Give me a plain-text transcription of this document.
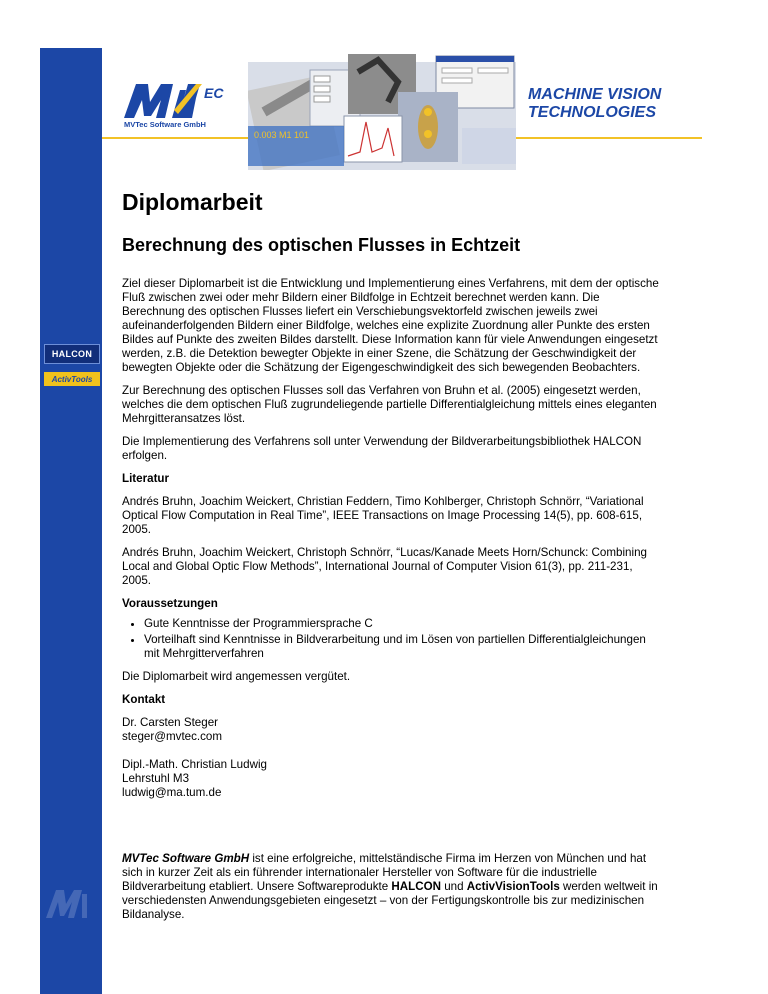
HALCON
ActivTools
EC
MVTec Software GmbH
0.003 M1 101
MACHINE VISION
TECHNOLOGIES
Diplomarbeit
Berechnung des optischen Flusses in Echtzeit

Ziel dieser Diplomarbeit ist die Entwicklung und Implementierung eines Verfahrens, mit dem der optische Fluß zwischen zwei oder mehr Bildern einer Bildfolge in Echtzeit berechnet werden kann. Die Berechnung des optischen Flusses liefert ein Verschiebungsvektorfeld zwischen jeweils zwei aufeinanderfolgenden Bildern einer Bildfolge, welches eine explizite Zuordnung aller Punkte des ersten Bildes auf Punkte des zweiten Bildes darstellt. Diese Information kann für viele Anwendungen eingesetzt werden, z.B. die Detektion bewegter Objekte in einer Szene, die Schätzung der Geschwindigkeit der bewegten Objekte oder die Schätzung der Eigengeschwindigkeit des sich bewegenden Beobachters.

Zur Berechnung des optischen Flusses soll das Verfahren von Bruhn et al. (2005) eingesetzt werden, welches die dem optischen Fluß zugrundeliegende partielle Differentialgleichung mittels eines eleganten Mehrgitteransatzes löst.

Die Implementierung des Verfahrens soll unter Verwendung der Bildverarbeitungsbibliothek HALCON erfolgen.

Literatur

Andrés Bruhn, Joachim Weickert, Christian Feddern, Timo Kohlberger, Christoph Schnörr, “Variational Optical Flow Computation in Real Time”, IEEE Transactions on Image Processing 14(5), pp. 608-615, 2005.

Andrés Bruhn, Joachim Weickert, Christoph Schnörr, “Lucas/Kanade Meets Horn/Schunck: Combining Local and Global Optic Flow Methods”, International Journal of Computer Vision 61(3), pp. 211-231, 2005.

Voraussetzungen

• Gute Kenntnisse der Programmiersprache C
• Vorteilhaft sind Kenntnisse in Bildverarbeitung und im Lösen von partiellen Differentialgleichungen mit Mehrgitterverfahren

Die Diplomarbeit wird angemessen vergütet.

Kontakt

Dr. Carsten Steger
steger@mvtec.com
Dipl.-Math. Christian Ludwig
Lehrstuhl M3
ludwig@ma.tum.de

MVTec Software GmbH ist eine erfolgreiche, mittelständische Firma im Herzen von München und hat sich in kurzer Zeit als ein führender internationaler Hersteller von Software für die industrielle Bildverarbeitung etabliert. Unsere Softwareprodukte HALCON und ActivVisionTools werden weltweit in verschiedensten Anwendungsgebieten eingesetzt – von der Fertigungskontrolle bis zur medizinischen Bildanalyse.
